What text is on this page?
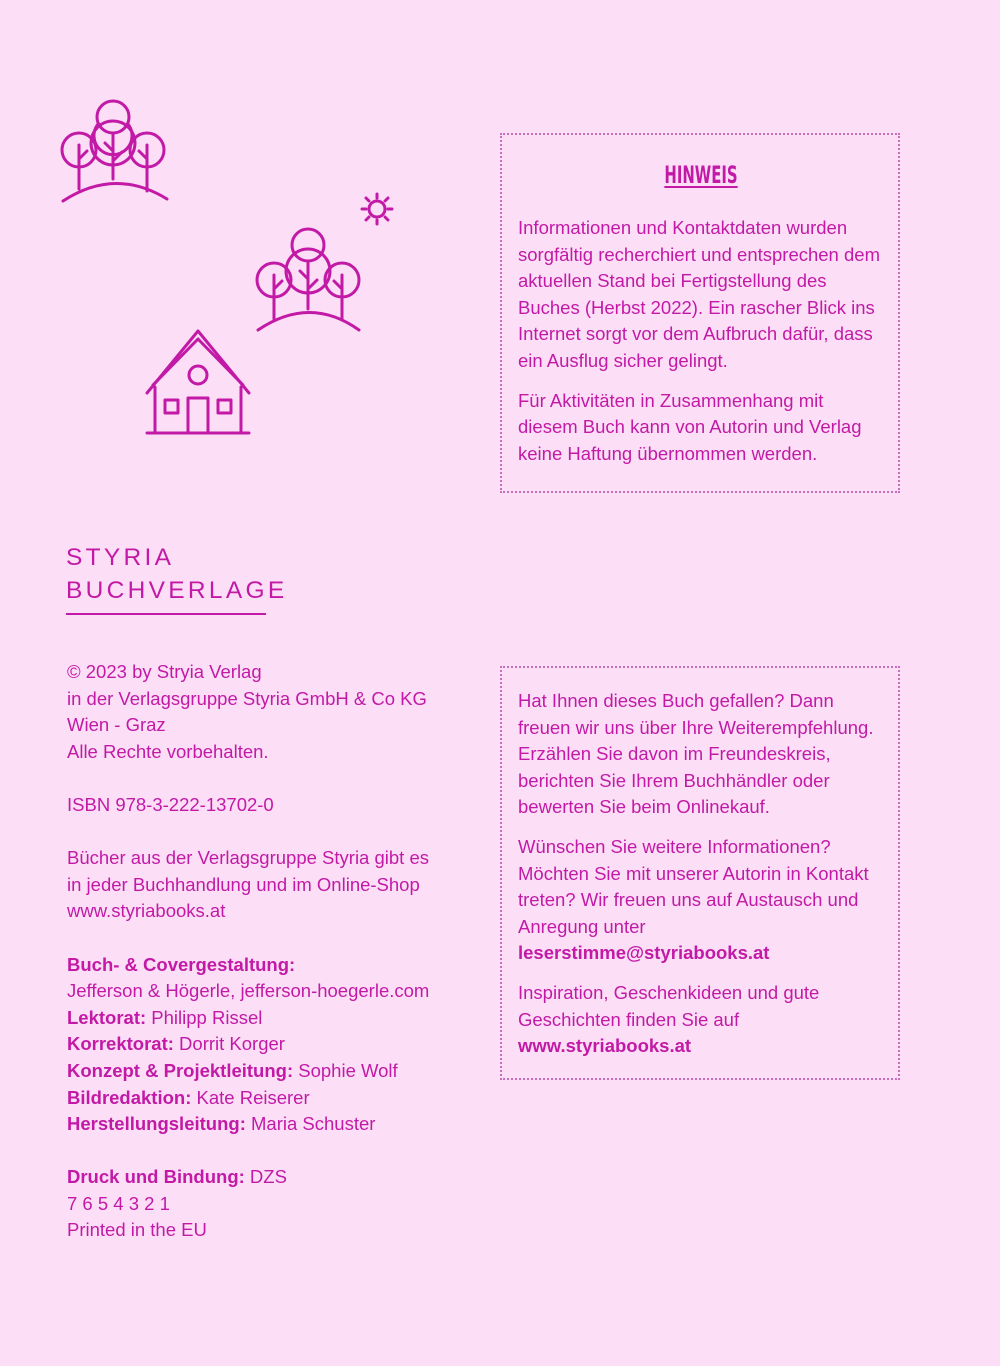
HINWEIS

Informationen und Kontaktdaten wurden sorgfältig recherchiert und entsprechen dem aktuellen Stand bei Fertigstellung des Buches (Herbst 2022). Ein rascher Blick ins Internet sorgt vor dem Aufbruch dafür, dass ein Ausflug sicher gelingt.

Für Aktivitäten in Zusammenhang mit diesem Buch kann von Autorin und Verlag keine Haftung übernommen werden.

STYRIA
BUCHVERLAGE
© 2023 by Stryia Verlag
in der Verlagsgruppe Styria GmbH & Co KG
Wien - Graz
Alle Rechte vorbehalten.
ISBN 978-3-222-13702-0
Bücher aus der Verlagsgruppe Styria gibt es
in jeder Buchhandlung und im Online-Shop
www.styriabooks.at
Buch- & Covergestaltung:
Jefferson & Högerle, jefferson-hoegerle.com
Lektorat: Philipp Rissel
Korrektorat: Dorrit Korger
Konzept & Projektleitung: Sophie Wolf
Bildredaktion: Kate Reiserer
Herstellungsleitung: Maria Schuster
Druck und Bindung: DZS
7 6 5 4 3 2 1
Printed in the EU

Hat Ihnen dieses Buch gefallen? Dann freuen wir uns über Ihre Weiterempfehlung. Erzählen Sie davon im Freundeskreis, berichten Sie Ihrem Buchhändler oder bewerten Sie beim Onlinekauf.

Wünschen Sie weitere Informationen? Möchten Sie mit unserer Autorin in Kontakt treten? Wir freuen uns auf Austausch und Anregung unter
leserstimme@styriabooks.at

Inspiration, Geschenkideen und gute Geschichten finden Sie auf
www.styriabooks.at
